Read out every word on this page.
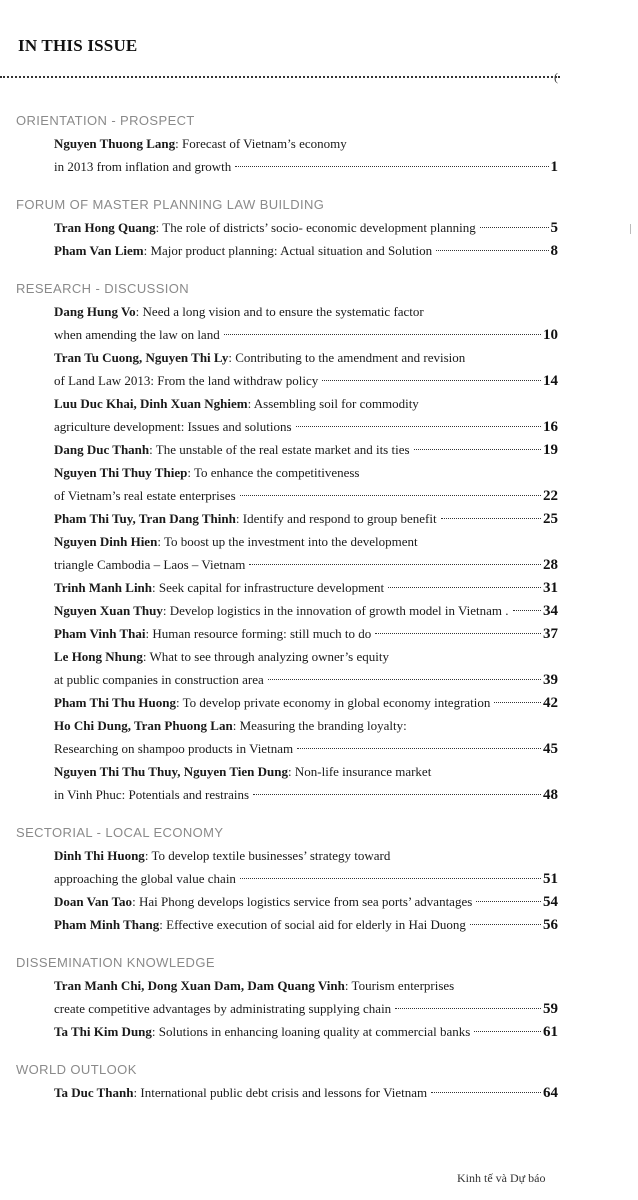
IN THIS ISSUE
(
ORIENTATION - PROSPECT
Nguyen Thuong Lang: Forecast of Vietnam’s economy
in 2013 from inflation and growth	1
FORUM OF MASTER PLANNING LAW BUILDING
Tran Hong Quang: The role of districts’ socio- economic development planning	5
Pham Van Liem: Major product planning: Actual situation and Solution	8
RESEARCH - DISCUSSION
Dang Hung Vo: Need a long vision and to ensure the systematic factor
when amending the law on land	10
Tran Tu Cuong, Nguyen Thi Ly: Contributing to the amendment and revision
of Land Law 2013: From the land withdraw policy	14
Luu Duc Khai, Dinh Xuan Nghiem: Assembling soil for commodity
agriculture development: Issues and solutions	16
Dang Duc Thanh: The unstable of the real estate market and its ties	19
Nguyen Thi Thuy Thiep: To enhance the competitiveness
of Vietnam’s real estate enterprises	22
Pham Thi Tuy, Tran Dang Thinh: Identify and respond to group benefit	25
Nguyen Dinh Hien: To boost up the investment into the development
triangle Cambodia – Laos – Vietnam	28
Trinh Manh Linh: Seek capital for infrastructure development	31
Nguyen Xuan Thuy: Develop logistics in the innovation of growth model in Vietnam . 34
Pham Vinh Thai: Human resource forming: still much to do	37
Le Hong Nhung: What to see through analyzing owner’s equity
at public companies in construction area	39
Pham Thi Thu Huong: To develop private economy in global economy integration	42
Ho Chi Dung, Tran Phuong Lan: Measuring the branding loyalty:
Researching on shampoo products in Vietnam	45
Nguyen Thi Thu Thuy, Nguyen Tien Dung: Non-life insurance market
in Vinh Phuc: Potentials and restrains	48
SECTORIAL - LOCAL ECONOMY
Dinh Thi Huong: To develop textile businesses’ strategy toward
approaching the global value chain	51
Doan Van Tao: Hai Phong develops logistics service from sea ports’ advantages	54
Pham Minh Thang: Effective execution of social aid for elderly in Hai Duong	56
DISSEMINATION KNOWLEDGE
Tran Manh Chi, Dong Xuan Dam, Dam Quang Vinh: Tourism enterprises
create competitive advantages by administrating supplying chain	59
Ta Thi Kim Dung: Solutions in enhancing loaning quality at commercial banks	61
WORLD OUTLOOK
Ta Duc Thanh: International public debt crisis and lessons for Vietnam	64
Kinh tế và Dự báo
